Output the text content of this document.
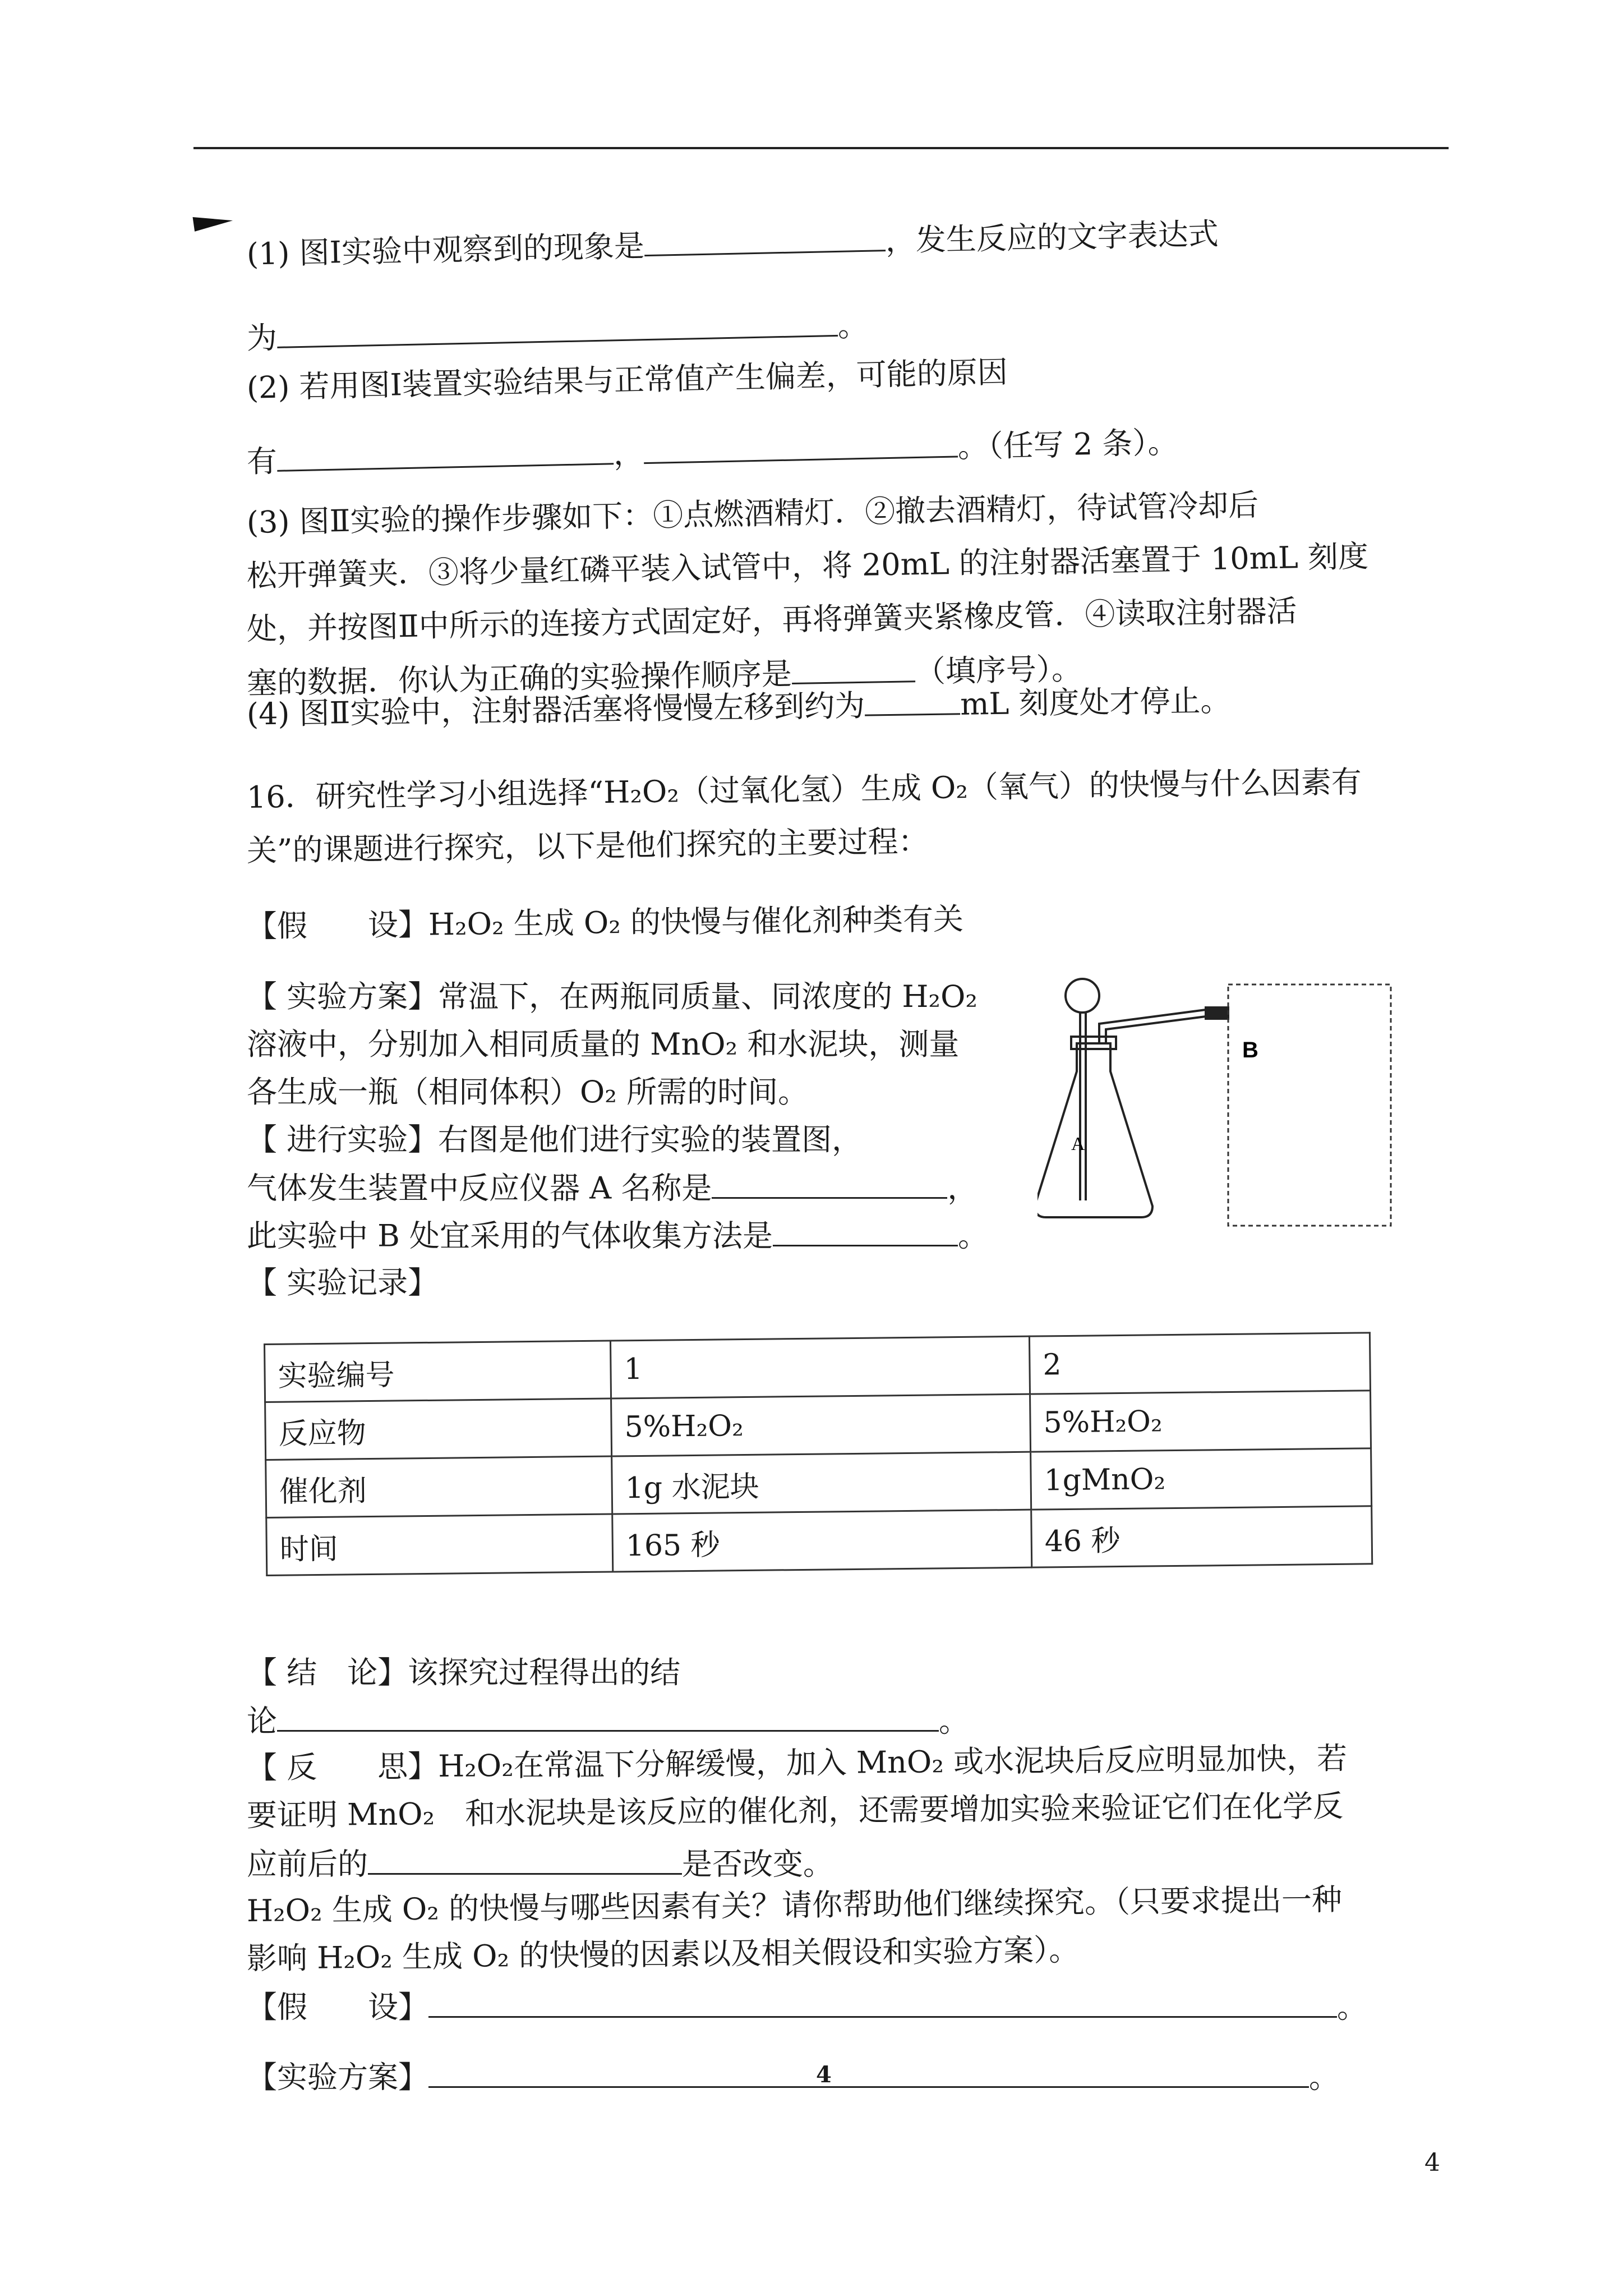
(1) 图Ⅰ实验中观察到的现象是	，发生反应的文字表达式
为	。
(2) 若用图Ⅰ装置实验结果与正常值产生偏差，可能的原因
有	，	。（任写 2 条）。
(3) 图Ⅱ实验的操作步骤如下：①点燃酒精灯．②撤去酒精灯，待试管冷却后
松开弹簧夹．③将少量红磷平装入试管中，将 20mL 的注射器活塞置于 10mL 刻度
处，并按图Ⅱ中所示的连接方式固定好，再将弹簧夹紧橡皮管．④读取注射器活
塞的数据．你认为正确的实验操作顺序是	（填序号）。
(4) 图Ⅱ实验中，注射器活塞将慢慢左移到约为	mL 刻度处才停止。
16．研究性学习小组选择“H₂O₂（过氧化氢）生成 O₂（氧气）的快慢与什么因素有
关”的课题进行探究，以下是他们探究的主要过程：
【假　　设】H₂O₂ 生成 O₂ 的快慢与催化剂种类有关
【 实验方案】常温下，在两瓶同质量、同浓度的 H₂O₂
溶液中，分别加入相同质量的 MnO₂ 和水泥块，测量
各生成一瓶（相同体积）O₂ 所需的时间。
【 进行实验】右图是他们进行实验的装置图，
气体发生装置中反应仪器 A 名称是	，
此实验中 B 处宜采用的气体收集方法是	。
【 实验记录】
A
B
实验编号	1	2
反应物	5%H₂O₂	5%H₂O₂
催化剂	1g 水泥块	1gMnO₂
时间	165 秒	46 秒
【 结　论】该探究过程得出的结
论	。
【 反　　思】H₂O₂在常温下分解缓慢，加入 MnO₂ 或水泥块后反应明显加快，若
要证明 MnO₂　和水泥块是该反应的催化剂，还需要增加实验来验证它们在化学反
应前后的	是否改变。
H₂O₂ 生成 O₂ 的快慢与哪些因素有关？请你帮助他们继续探究。（只要求提出一种
影响 H₂O₂ 生成 O₂ 的快慢的因素以及相关假设和实验方案）。
【假　　设】	。
【实验方案】	。
4
4
